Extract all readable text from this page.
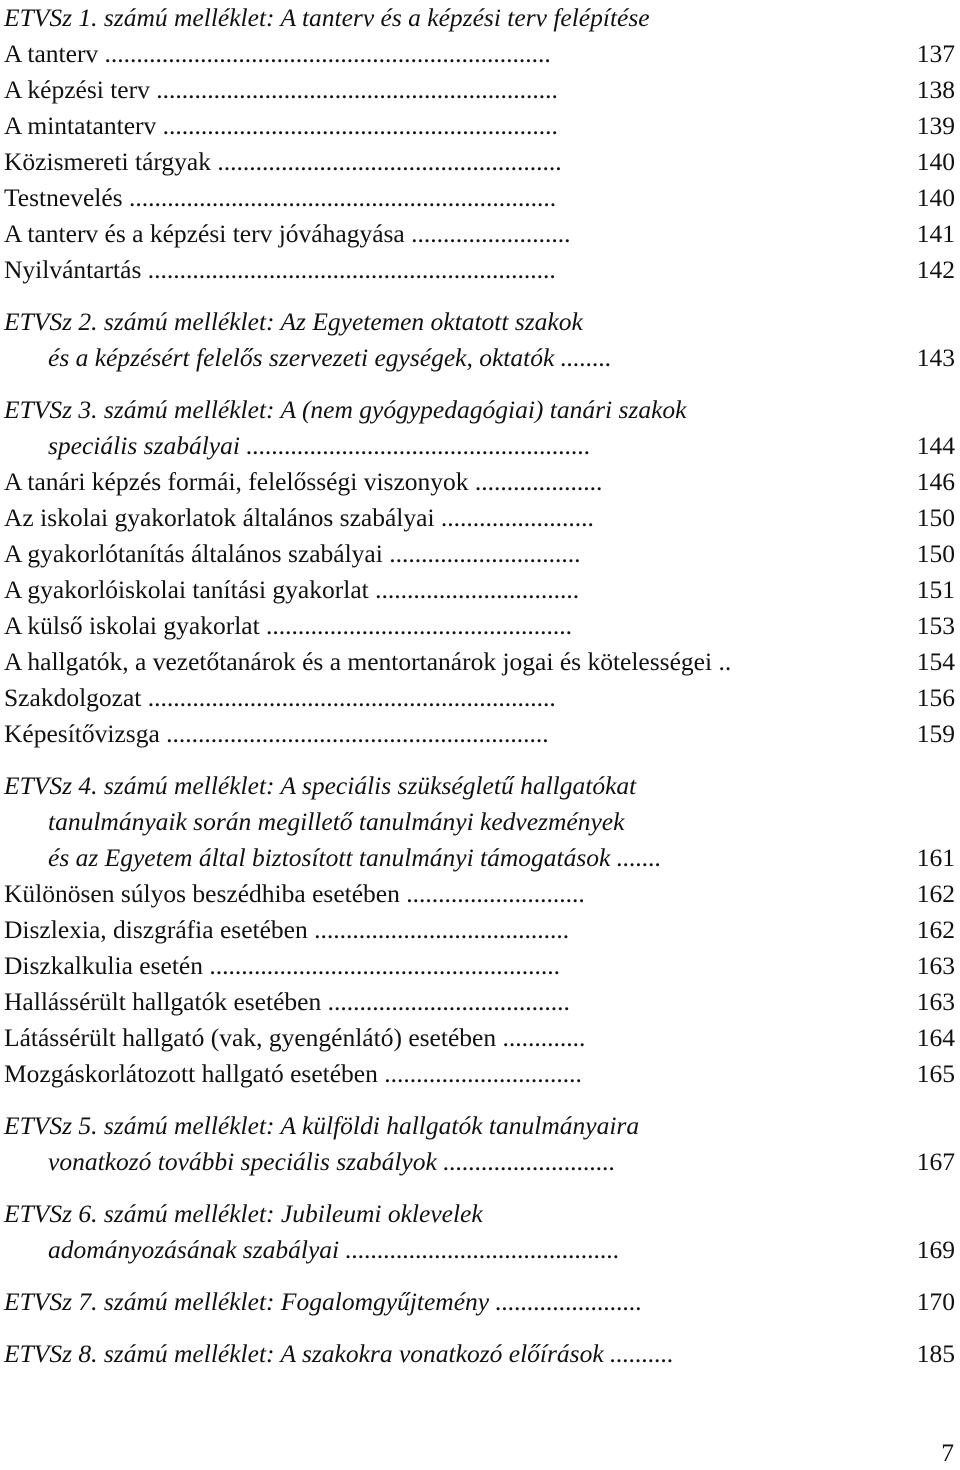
ETVSz 1. számú melléklet: A tanterv és a képzési terv felépítése
A tanterv ......................................................................	137
A képzési terv ...............................................................	138
A mintatanterv ..............................................................	139
Közismereti tárgyak ......................................................	140
Testnevelés ...................................................................	140
A tanterv és a képzési terv jóváhagyása .........................	141
Nyilvántartás ................................................................	142
ETVSz 2. számú melléklet: Az Egyetemen oktatott szakok
és a képzésért felelős szervezeti egységek, oktatók ........	143
ETVSz 3. számú melléklet: A (nem gyógypedagógiai) tanári szakok
speciális szabályai ......................................................	144
A tanári képzés formái, felelősségi viszonyok ....................	146
Az iskolai gyakorlatok általános szabályai ........................	150
A gyakorlótanítás általános szabályai ..............................	150
A gyakorlóiskolai tanítási gyakorlat ................................	151
A külső iskolai gyakorlat ................................................	153
A hallgatók, a vezetőtanárok és a mentortanárok jogai és kötelességei ..	154
Szakdolgozat ................................................................	156
Képesítővizsga ............................................................	159
ETVSz 4. számú melléklet: A speciális szükségletű hallgatókat
tanulmányaik során megillető tanulmányi kedvezmények
és az Egyetem által biztosított tanulmányi támogatások .......	161
Különösen súlyos beszédhiba esetében ............................	162
Diszlexia, diszgráfia esetében ........................................	162
Diszkalkulia esetén .......................................................	163
Hallássérült hallgatók esetében ......................................	163
Látássérült hallgató (vak, gyengénlátó) esetében .............	164
Mozgáskorlátozott hallgató esetében ...............................	165
ETVSz 5. számú melléklet: A külföldi hallgatók tanulmányaira
vonatkozó további speciális szabályok ...........................	167
ETVSz 6. számú melléklet: Jubileumi oklevelek
adományozásának szabályai ...........................................	169
ETVSz 7. számú melléklet: Fogalomgyűjtemény .......................	170
ETVSz 8. számú melléklet: A szakokra vonatkozó előírások ..........	185
7
